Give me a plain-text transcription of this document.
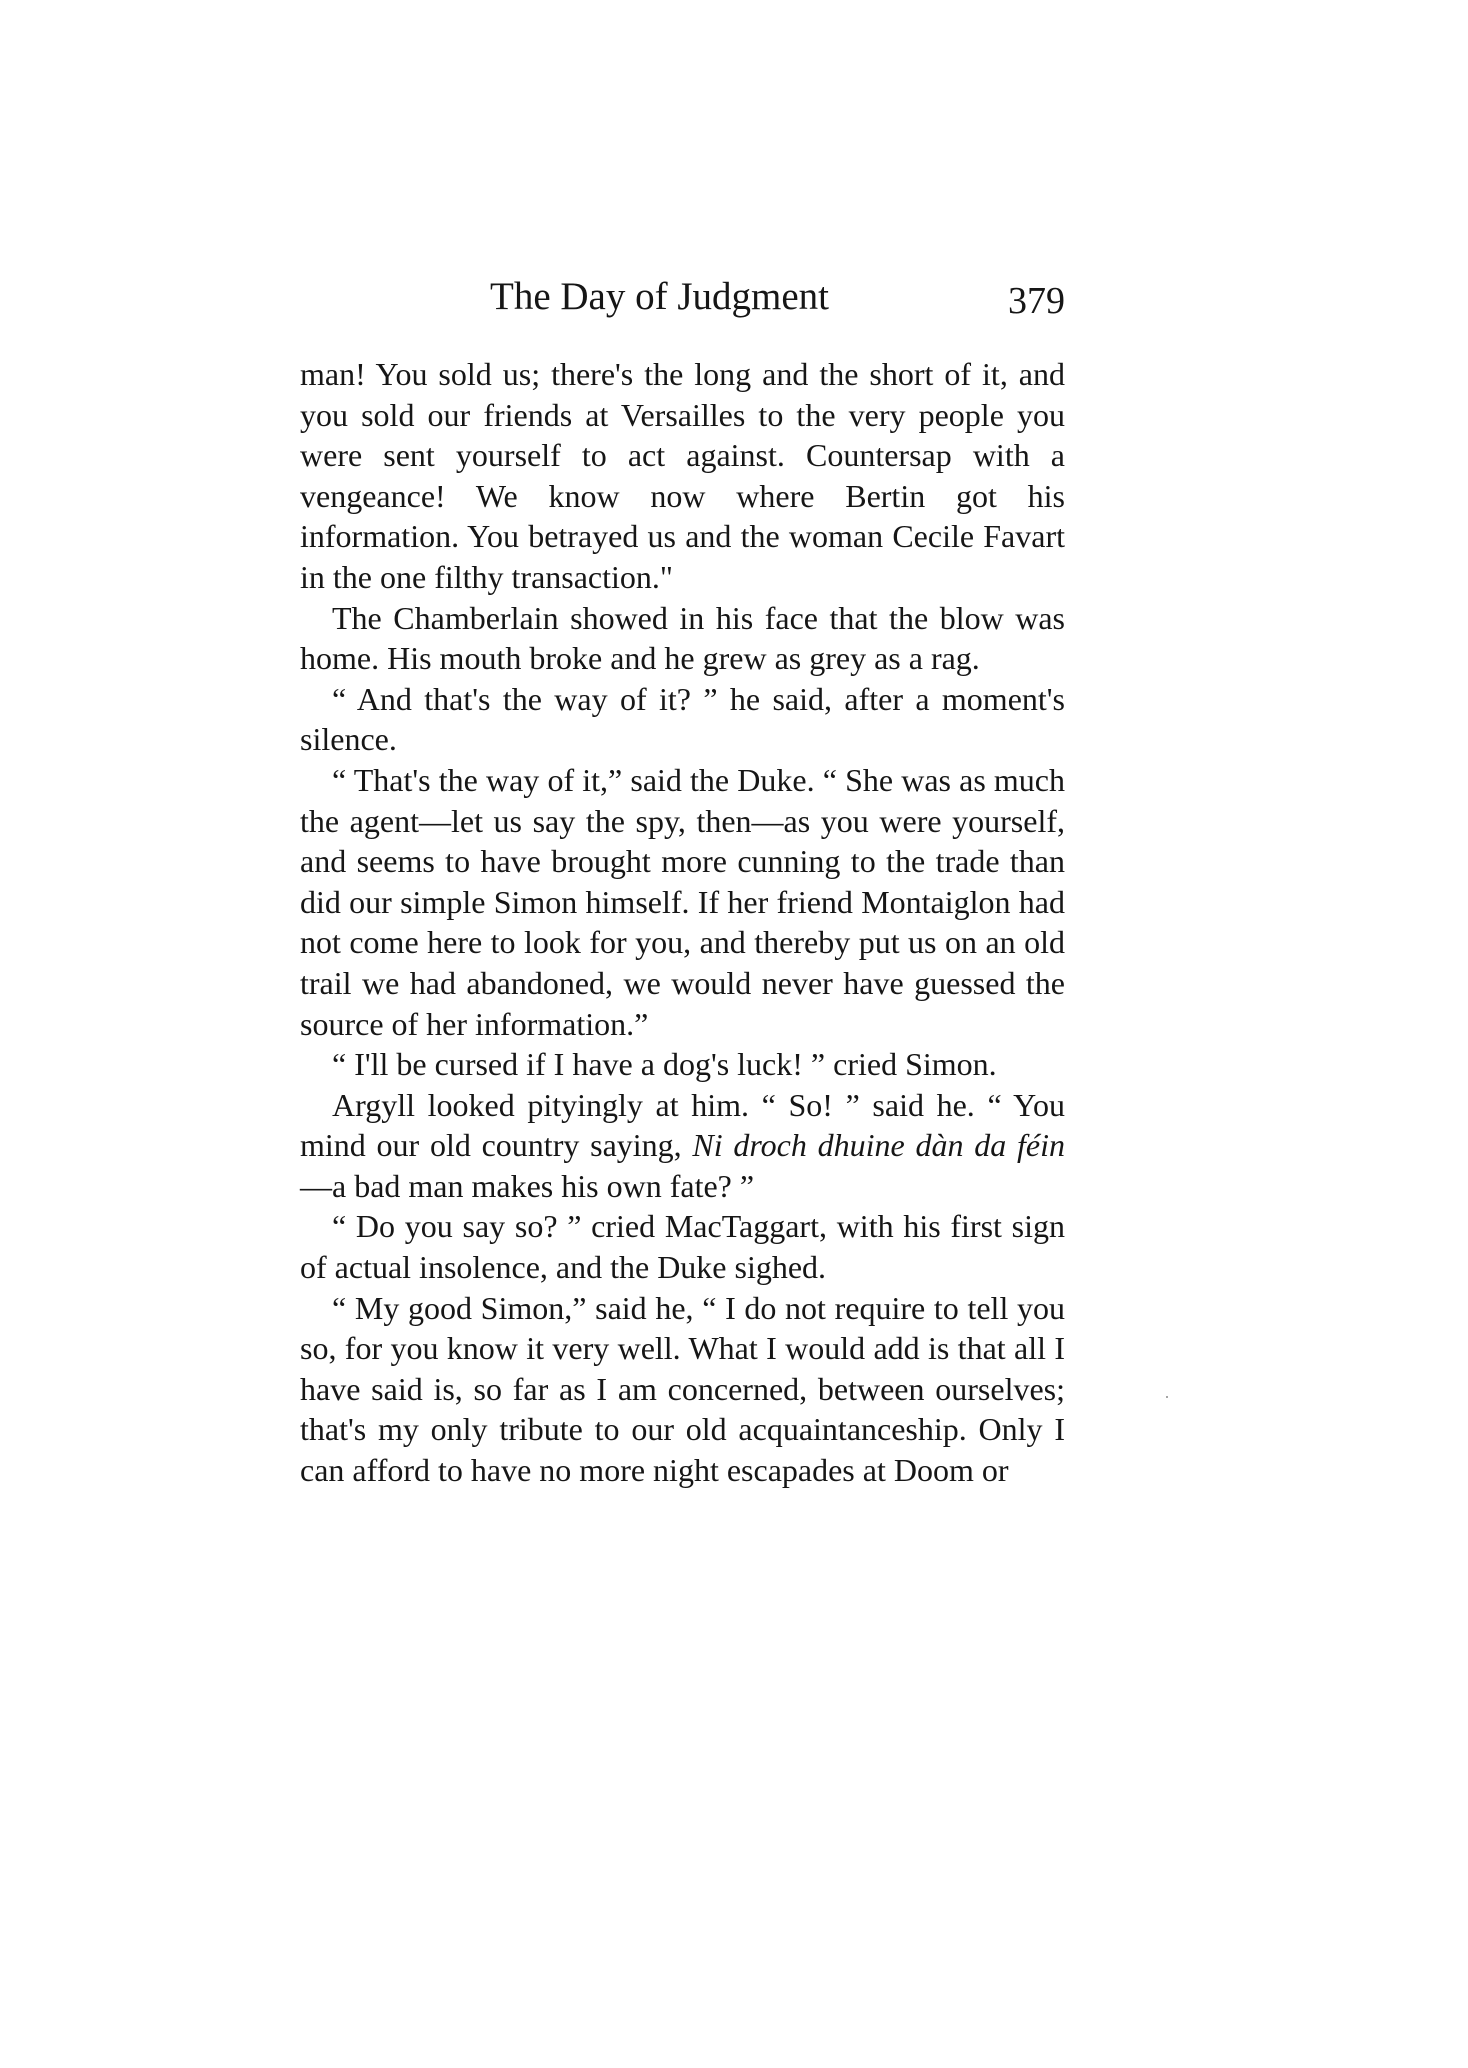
The Day of Judgment	379

man! You sold us; there's the long and the short of it, and you sold our friends at Versailles to the very people you were sent yourself to act against. Countersap with a vengeance! We know now where Bertin got his information. You betrayed us and the woman Cecile Favart in the one filthy transaction."

The Chamberlain showed in his face that the blow was home. His mouth broke and he grew as grey as a rag.

“ And that's the way of it? ” he said, after a moment's silence.

“ That's the way of it,” said the Duke. “ She was as much the agent—let us say the spy, then—as you were yourself, and seems to have brought more cunning to the trade than did our simple Simon himself. If her friend Montaiglon had not come here to look for you, and thereby put us on an old trail we had abandoned, we would never have guessed the source of her information.”

“ I'll be cursed if I have a dog's luck! ” cried Simon.

Argyll looked pityingly at him. “ So! ” said he. “ You mind our old country saying, Ni droch dhuine dàn da féin—a bad man makes his own fate? ”

“ Do you say so? ” cried MacTaggart, with his first sign of actual insolence, and the Duke sighed.

“ My good Simon,” said he, “ I do not require to tell you so, for you know it very well. What I would add is that all I have said is, so far as I am concerned, between ourselves; that's my only tribute to our old acquaintanceship. Only I can afford to have no more night escapades at Doom or
